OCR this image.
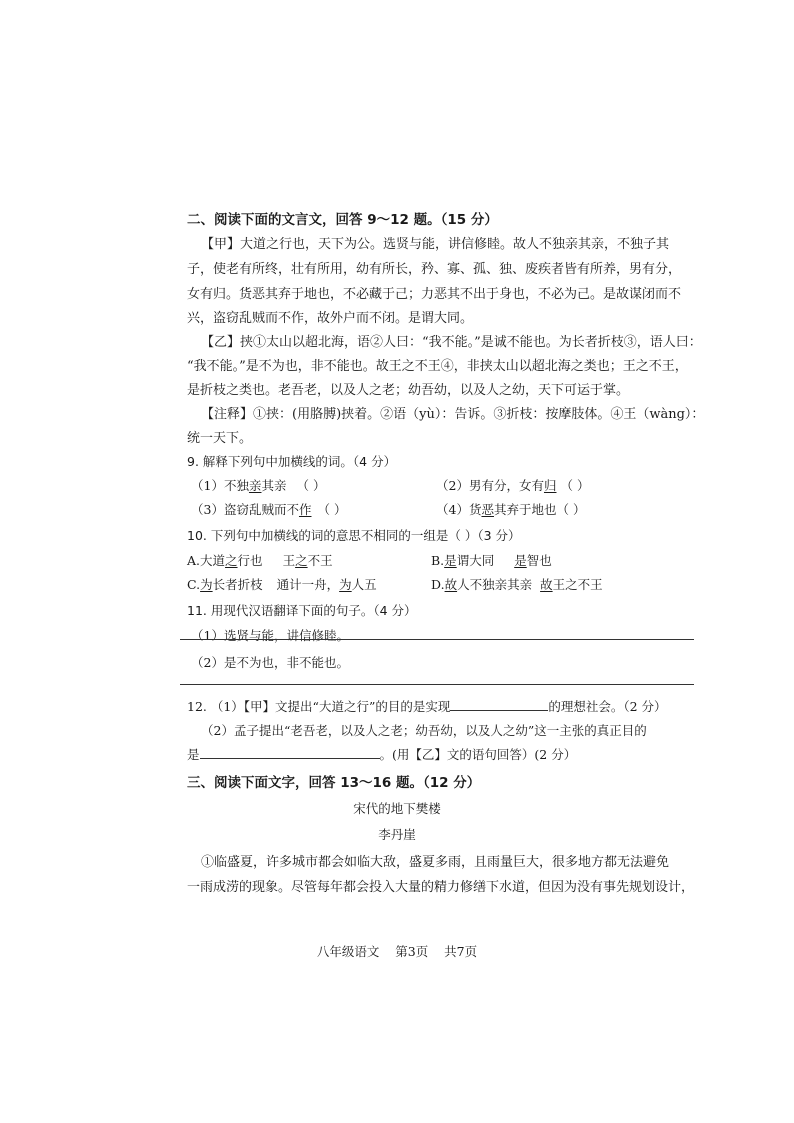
二、阅读下面的文言文，回答 9～12 题。（15 分）
【甲】大道之行也，天下为公。选贤与能，讲信修睦。故人不独亲其亲，不独子其
子，使老有所终，壮有所用，幼有所长，矜、寡、孤、独、废疾者皆有所养，男有分，
女有归。货恶其弃于地也，不必藏于己；力恶其不出于身也，不必为己。是故谋闭而不
兴，盗窃乱贼而不作，故外户而不闭。是谓大同。
【乙】挟①太山以超北海，语②人曰：“我不能。”是诚不能也。为长者折枝③，语人曰：
“我不能。”是不为也，非不能也。故王之不王④，非挟太山以超北海之类也；王之不王，
是折枝之类也。老吾老，以及人之老；幼吾幼，以及人之幼，天下可运于掌。
【注释】①挟：(用胳膊)挟着。②语（yù）：告诉。③折枝：按摩肢体。④王（wàng）：
统一天下。
9. 解释下列句中加横线的词。（4 分）
（1）不独亲其亲 （ ）	（2）男有分，女有归 （ ）
（3）盗窃乱贼而不作 （ ）	（4）货恶其弃于地也（ ）
10. 下列句中加横线的词的意思不相同的一组是（ ）（3 分）
A.大道之行也 王之不王	B.是谓大同 是智也
C.为长者折枝 通计一舟，为人五	D.故人不独亲其亲 故王之不王
11. 用现代汉语翻译下面的句子。（4 分）
（1）选贤与能，讲信修睦。
（2）是不为也，非不能也。
12. （1）【甲】文提出“大道之行”的目的是实现	的理想社会。（2 分）
（2）孟子提出“老吾老，以及人之老；幼吾幼，以及人之幼”这一主张的真正目的
是	。(用【乙】文的语句回答）(2 分）
三、阅读下面文字，回答 13～16 题。（12 分）
宋代的地下樊楼
李丹崖
①临盛夏，许多城市都会如临大敌，盛夏多雨，且雨量巨大，很多地方都无法避免
一雨成涝的现象。尽管每年都会投入大量的精力修缮下水道，但因为没有事先规划设计，
八年级语文    第3页    共7页
